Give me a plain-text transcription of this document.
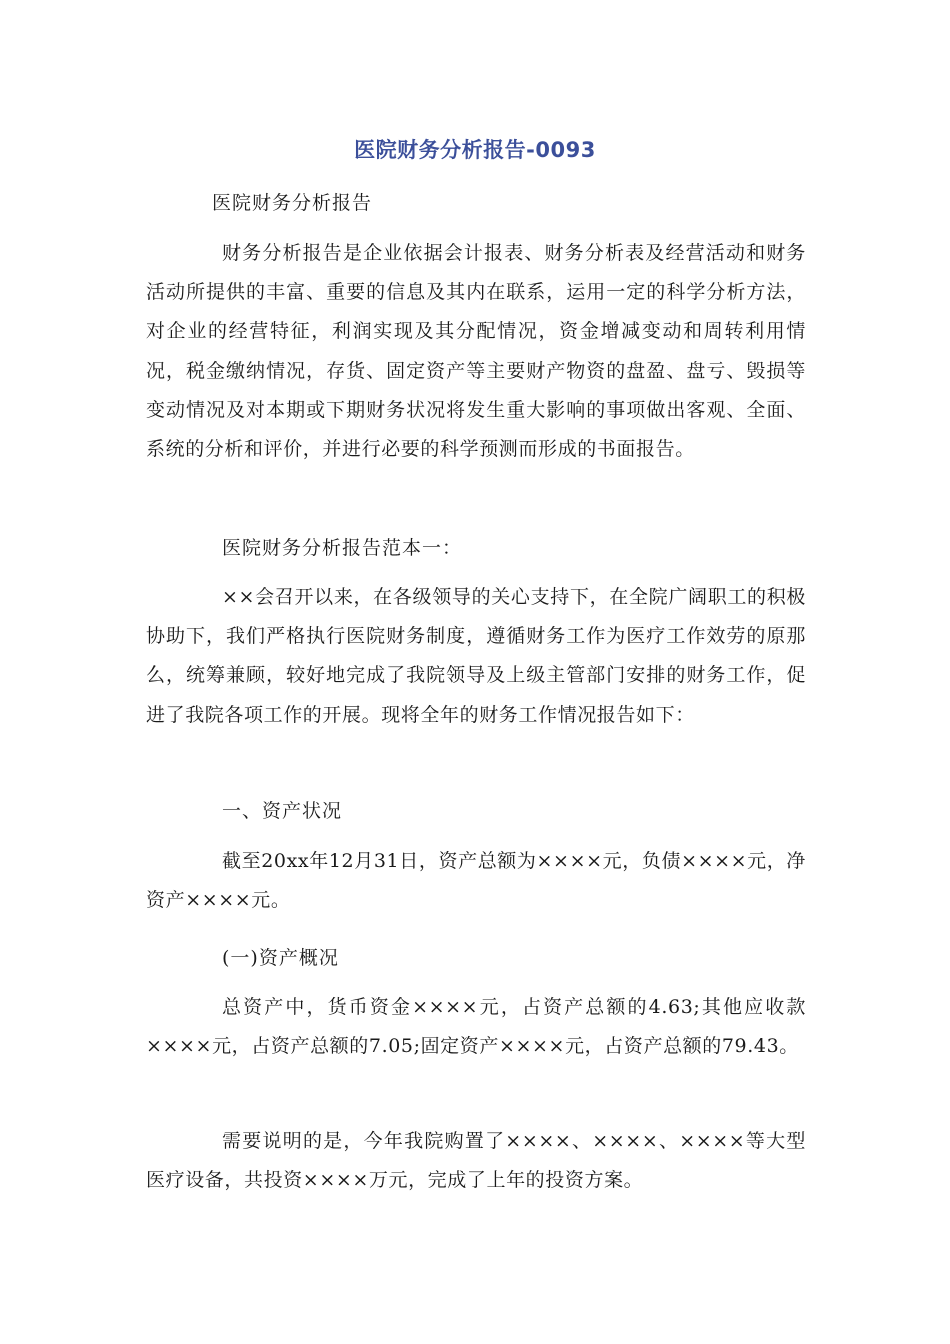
医院财务分析报告-0093
医院财务分析报告

财务分析报告是企业依据会计报表、财务分析表及经营活动和财务活动所提供的丰富、重要的信息及其内在联系，运用一定的科学分析方法，对企业的经营特征，利润实现及其分配情况，资金增减变动和周转利用情况，税金缴纳情况，存货、固定资产等主要财产物资的盘盈、盘亏、毁损等变动情况及对本期或下期财务状况将发生重大影响的事项做出客观、全面、系统的分析和评价，并进行必要的科学预测而形成的书面报告。

医院财务分析报告范本一：

××会召开以来，在各级领导的关心支持下，在全院广阔职工的积极协助下，我们严格执行医院财务制度，遵循财务工作为医疗工作效劳的原那么，统筹兼顾，较好地完成了我院领导及上级主管部门安排的财务工作，促进了我院各项工作的开展。现将全年的财务工作情况报告如下：

一、资产状况

截至20xx年12月31日，资产总额为××××元，负债××××元，净资产××××元。

(一)资产概况

总资产中，货币资金××××元，占资产总额的4.63;其他应收款××××元，占资产总额的7.05;固定资产××××元，占资产总额的79.43。

需要说明的是，今年我院购置了××××、××××、××××等大型医疗设备，共投资××××万元，完成了上年的投资方案。
